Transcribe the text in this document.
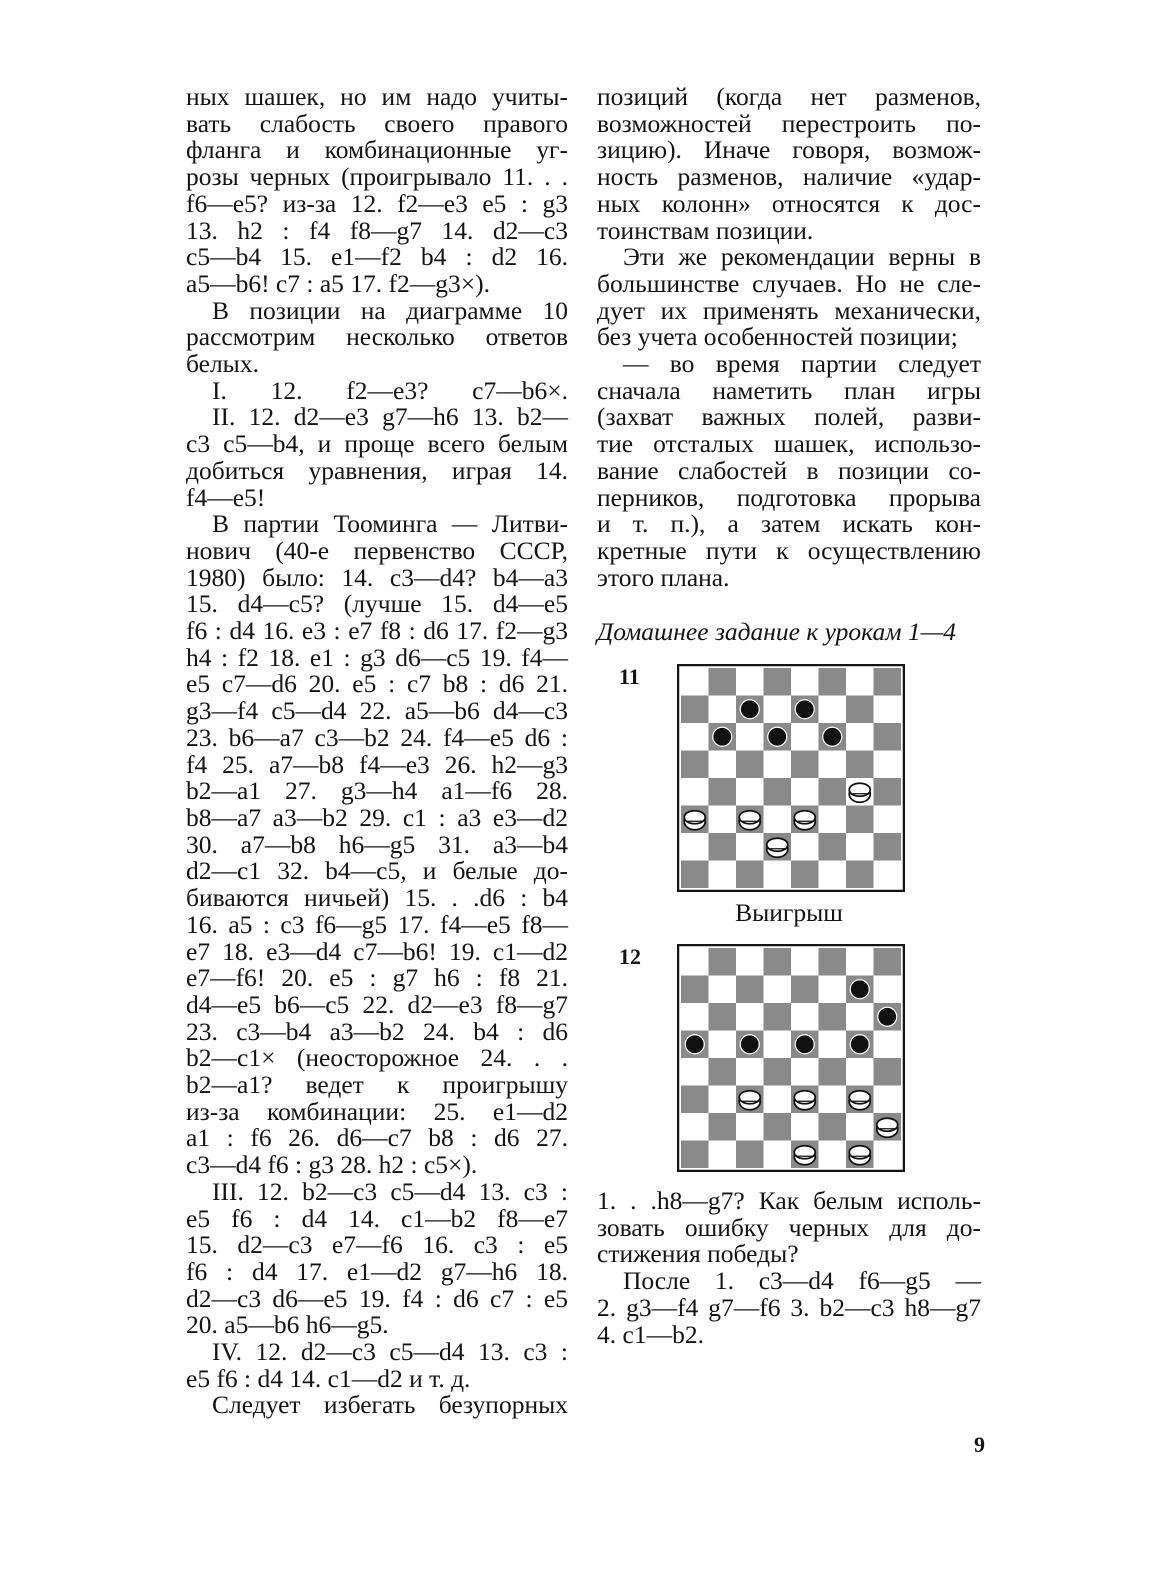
ных шашек, но им надо учиты-

вать слабость своего правого

фланга и комбинационные уг-

розы черных (проигрывало 11. . .

f6—e5? из-за 12. f2—e3 e5 : g3

13. h2 : f4 f8—g7 14. d2—c3

c5—b4 15. e1—f2 b4 : d2 16.

a5—b6! c7 : a5 17. f2—g3×).

В позиции на диаграмме 10

рассмотрим несколько ответов

белых.

I. 12. f2—e3? c7—b6×.

II. 12. d2—e3 g7—h6 13. b2—

c3 c5—b4, и проще всего белым

добиться уравнения, играя 14.

f4—e5!

В партии Тооминга — Литви-

нович (40-е первенство СССР,

1980) было: 14. c3—d4? b4—a3

15. d4—c5? (лучше 15. d4—e5

f6 : d4 16. e3 : e7 f8 : d6 17. f2—g3

h4 : f2 18. e1 : g3 d6—c5 19. f4—

e5 c7—d6 20. e5 : c7 b8 : d6 21.

g3—f4 c5—d4 22. a5—b6 d4—c3

23. b6—a7 c3—b2 24. f4—e5 d6 :

f4 25. a7—b8 f4—e3 26. h2—g3

b2—a1 27. g3—h4 a1—f6 28.

b8—a7 a3—b2 29. c1 : a3 e3—d2

30. a7—b8 h6—g5 31. a3—b4

d2—c1 32. b4—c5, и белые до-

биваются ничьей) 15. . .d6 : b4

16. a5 : c3 f6—g5 17. f4—e5 f8—

e7 18. e3—d4 c7—b6! 19. c1—d2

e7—f6! 20. e5 : g7 h6 : f8 21.

d4—e5 b6—c5 22. d2—e3 f8—g7

23. c3—b4 a3—b2 24. b4 : d6

b2—c1× (неосторожное 24. . .

b2—a1? ведет к проигрышу

из-за комбинации: 25. e1—d2

a1 : f6 26. d6—c7 b8 : d6 27.

c3—d4 f6 : g3 28. h2 : c5×).

III. 12. b2—c3 c5—d4 13. c3 :

e5 f6 : d4 14. c1—b2 f8—e7

15. d2—c3 e7—f6 16. c3 : e5

f6 : d4 17. e1—d2 g7—h6 18.

d2—c3 d6—e5 19. f4 : d6 c7 : e5

20. a5—b6 h6—g5.

IV. 12. d2—c3 c5—d4 13. c3 :

e5 f6 : d4 14. c1—d2 и т. д.

Следует избегать безупорных

позиций (когда нет разменов,

возможностей перестроить по-

зицию). Иначе говоря, возмож-

ность разменов, наличие «удар-

ных колонн» относятся к дос-

тоинствам позиции.

Эти же рекомендации верны в

большинстве случаев. Но не сле-

дует их применять механически,

без учета особенностей позиции;

— во время партии следует

сначала наметить план игры

(захват важных полей, разви-

тие отсталых шашек, использо-

вание слабостей в позиции со-

перников, подготовка прорыва

и т. п.), а затем искать кон-

кретные пути к осуществлению

этого плана.

Домашнее задание к урокам 1—4

11
Выигрыш
12

1. . .h8—g7? Как белым исполь-

зовать ошибку черных для до-

стижения победы?

После 1. c3—d4 f6—g5 —

2. g3—f4 g7—f6 3. b2—c3 h8—g7

4. c1—b2.

9
